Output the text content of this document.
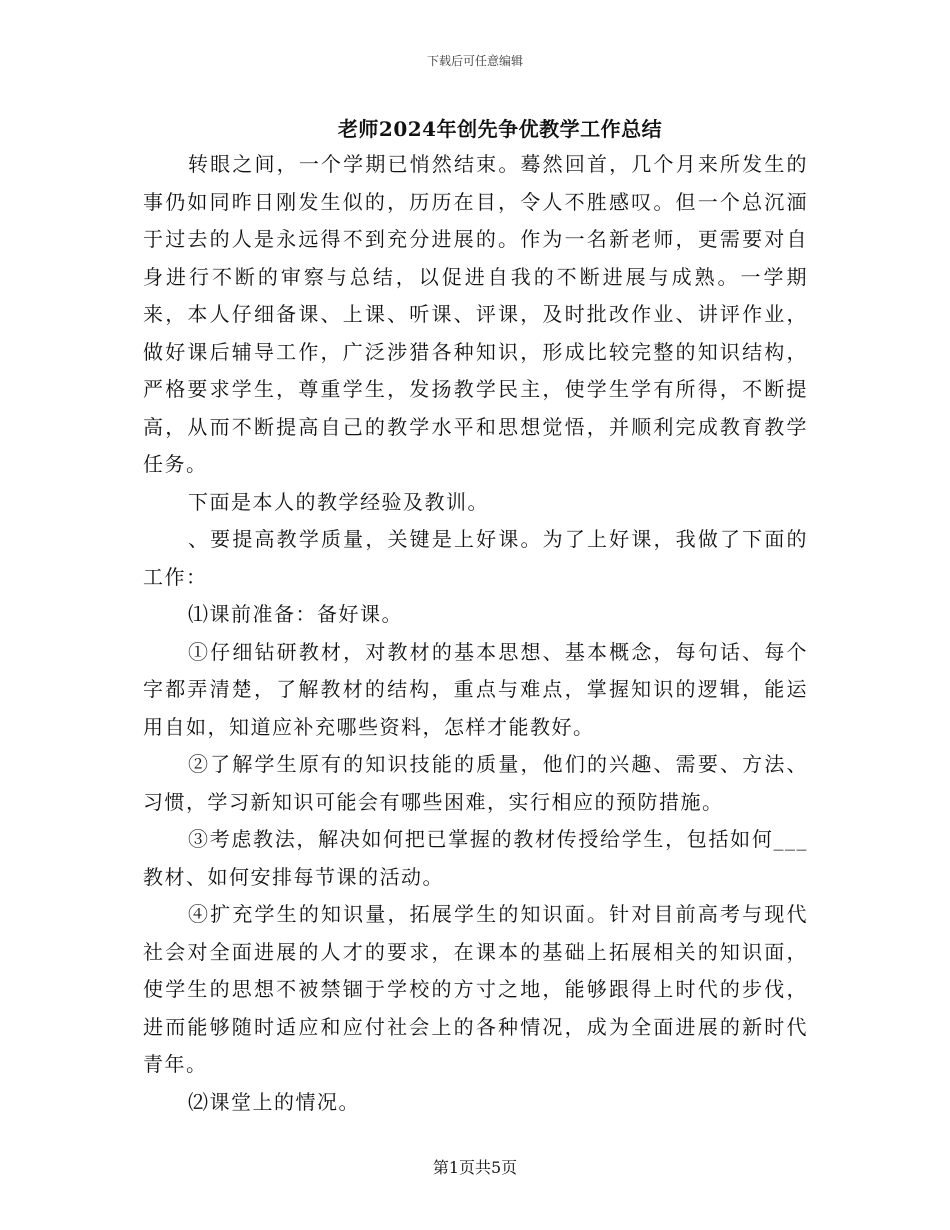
下载后可任意编辑
老师2024年创先争优教学工作总结

转眼之间，一个学期已悄然结束。蓦然回首，几个月来所发生的事仍如同昨日刚发生似的，历历在目，令人不胜感叹。但一个总沉湎于过去的人是永远得不到充分进展的。作为一名新老师，更需要对自身进行不断的审察与总结，以促进自我的不断进展与成熟。一学期来，本人仔细备课、上课、听课、评课，及时批改作业、讲评作业，做好课后辅导工作，广泛涉猎各种知识，形成比较完整的知识结构，严格要求学生，尊重学生，发扬教学民主，使学生学有所得，不断提高，从而不断提高自己的教学水平和思想觉悟，并顺利完成教育教学任务。

下面是本人的教学经验及教训。

、要提高教学质量，关键是上好课。为了上好课，我做了下面的工作：

⑴课前准备：备好课。

①仔细钻研教材，对教材的基本思想、基本概念，每句话、每个字都弄清楚，了解教材的结构，重点与难点，掌握知识的逻辑，能运用自如，知道应补充哪些资料，怎样才能教好。

②了解学生原有的知识技能的质量，他们的兴趣、需要、方法、习惯，学习新知识可能会有哪些困难，实行相应的预防措施。

③考虑教法，解决如何把已掌握的教材传授给学生，包括如何___教材、如何安排每节课的活动。

④扩充学生的知识量，拓展学生的知识面。针对目前高考与现代社会对全面进展的人才的要求，在课本的基础上拓展相关的知识面，使学生的思想不被禁锢于学校的方寸之地，能够跟得上时代的步伐，进而能够随时适应和应付社会上的各种情况，成为全面进展的新时代青年。

⑵课堂上的情况。

第1页共5页
